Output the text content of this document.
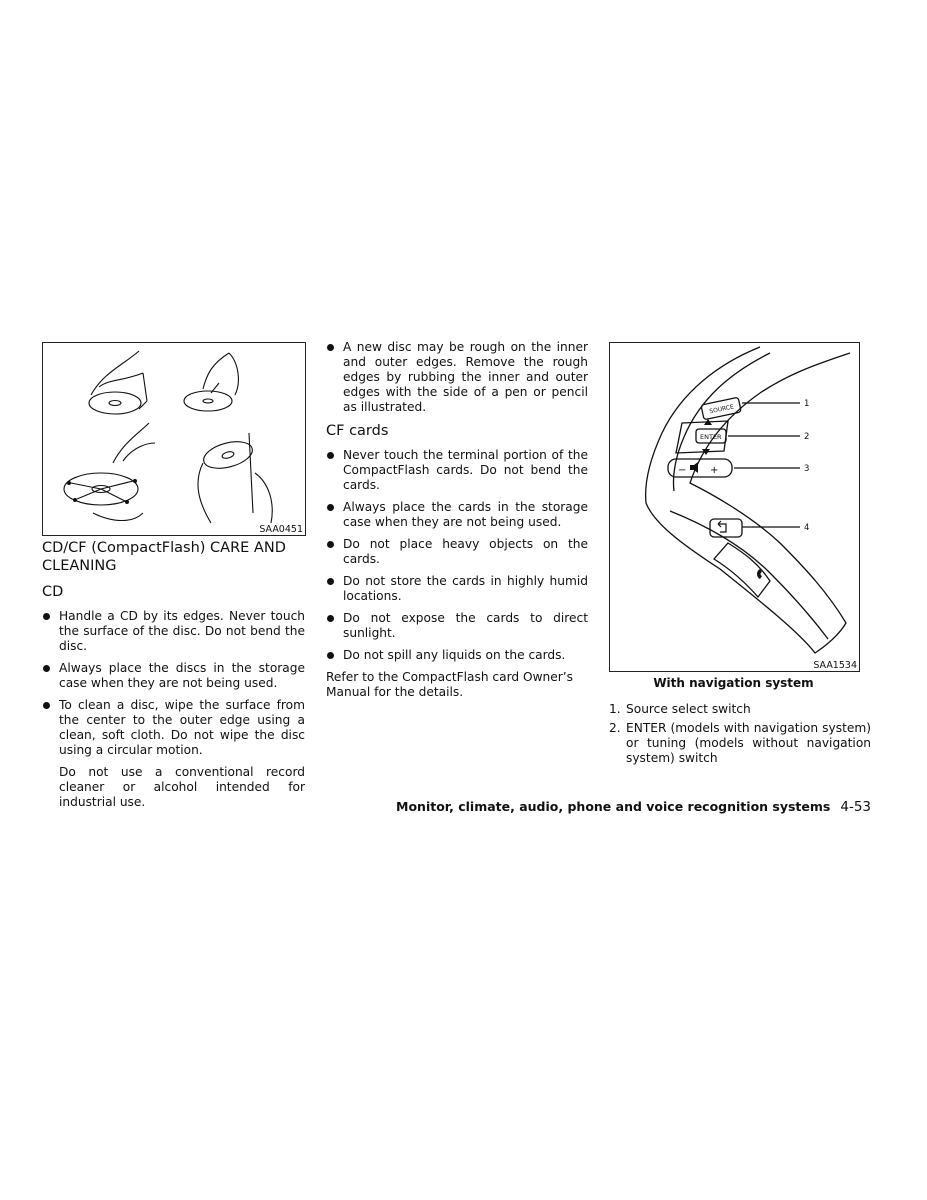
SAA0451
CD/CF (CompactFlash) CARE AND CLEANING
CD
Handle a CD by its edges. Never touch the surface of the disc. Do not bend the disc.
Always place the discs in the storage case when they are not being used.
To clean a disc, wipe the surface from the center to the outer edge using a clean, soft cloth. Do not wipe the disc using a circular motion.

Do not use a conventional record cleaner or alcohol intended for industrial use.

A new disc may be rough on the inner and outer edges. Remove the rough edges by rubbing the inner and outer edges with the side of a pen or pencil as illustrated.
CF cards
Never touch the terminal portion of the CompactFlash cards. Do not bend the cards.
Always place the cards in the storage case when they are not being used.
Do not place heavy objects on the cards.
Do not store the cards in highly humid locations.
Do not expose the cards to direct sunlight.
Do not spill any liquids on the cards.

Refer to the CompactFlash card Owner’s Manual for the details.

SOURCE
ENTER
− +
1
2
3
4
SAA1534
With navigation system
1. Source select switch
2. ENTER (models with navigation system) or tuning (models without navigation system) switch
Monitor, climate, audio, phone and voice recognition systems 4-53
